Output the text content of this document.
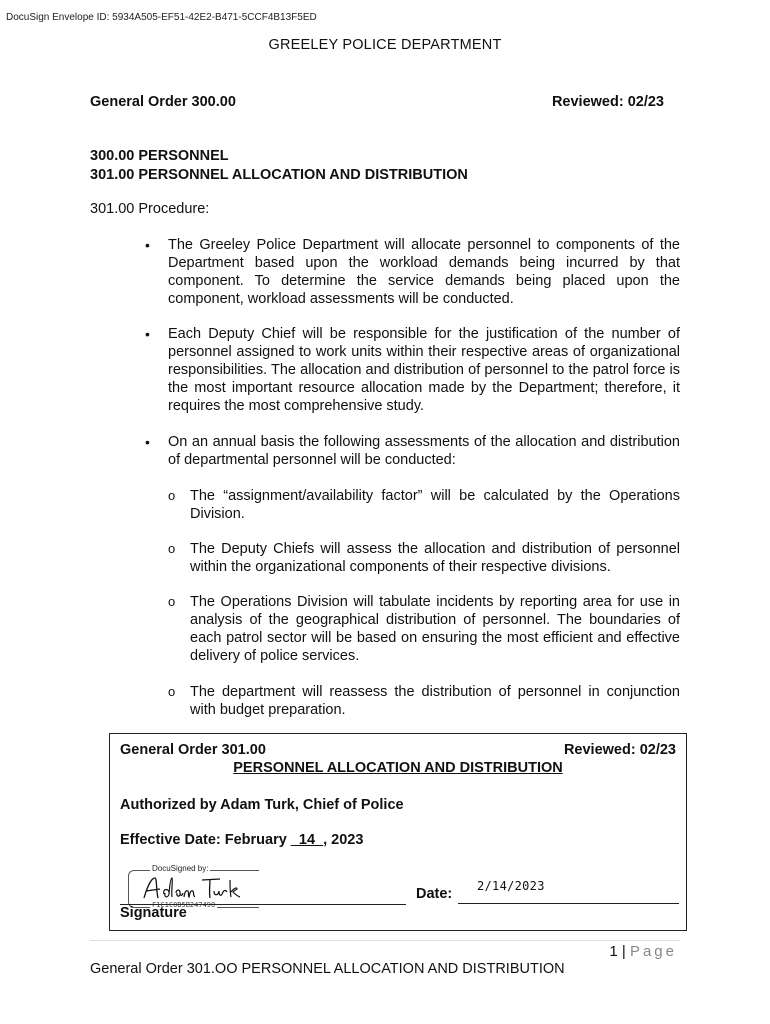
DocuSign Envelope ID: 5934A505-EF51-42E2-B471-5CCF4B13F5ED
GREELEY POLICE DEPARTMENT
General Order 300.00	Reviewed: 02/23
300.00 PERSONNEL
301.00 PERSONNEL ALLOCATION AND DISTRIBUTION
301.00 Procedure:
• The Greeley Police Department will allocate personnel to components of the Department based upon the workload demands being incurred by that component. To determine the service demands being placed upon the component, workload assessments will be conducted.
• Each Deputy Chief will be responsible for the justification of the number of personnel assigned to work units within their respective areas of organizational responsibilities. The allocation and distribution of personnel to the patrol force is the most important resource allocation made by the Department; therefore, it requires the most comprehensive study.
• On an annual basis the following assessments of the allocation and distribution of departmental personnel will be conducted:
o The “assignment/availability factor” will be calculated by the Operations Division.
o The Deputy Chiefs will assess the allocation and distribution of personnel within the organizational components of their respective divisions.
o The Operations Division will tabulate incidents by reporting area for use in analysis of the geographical distribution of personnel. The boundaries of each patrol sector will be based on ensuring the most efficient and effective delivery of police services.
o The department will reassess the distribution of personnel in conjunction with budget preparation.
General Order 301.00	Reviewed: 02/23
PERSONNEL ALLOCATION AND DISTRIBUTION
Authorized by Adam Turk, Chief of Police
Effective Date: February _14_, 2023
DocuSigned by:
F1C1C0B5B247490
Signature
Date: 2/14/2023
1 | Page
General Order 301.OO PERSONNEL ALLOCATION AND DISTRIBUTION
